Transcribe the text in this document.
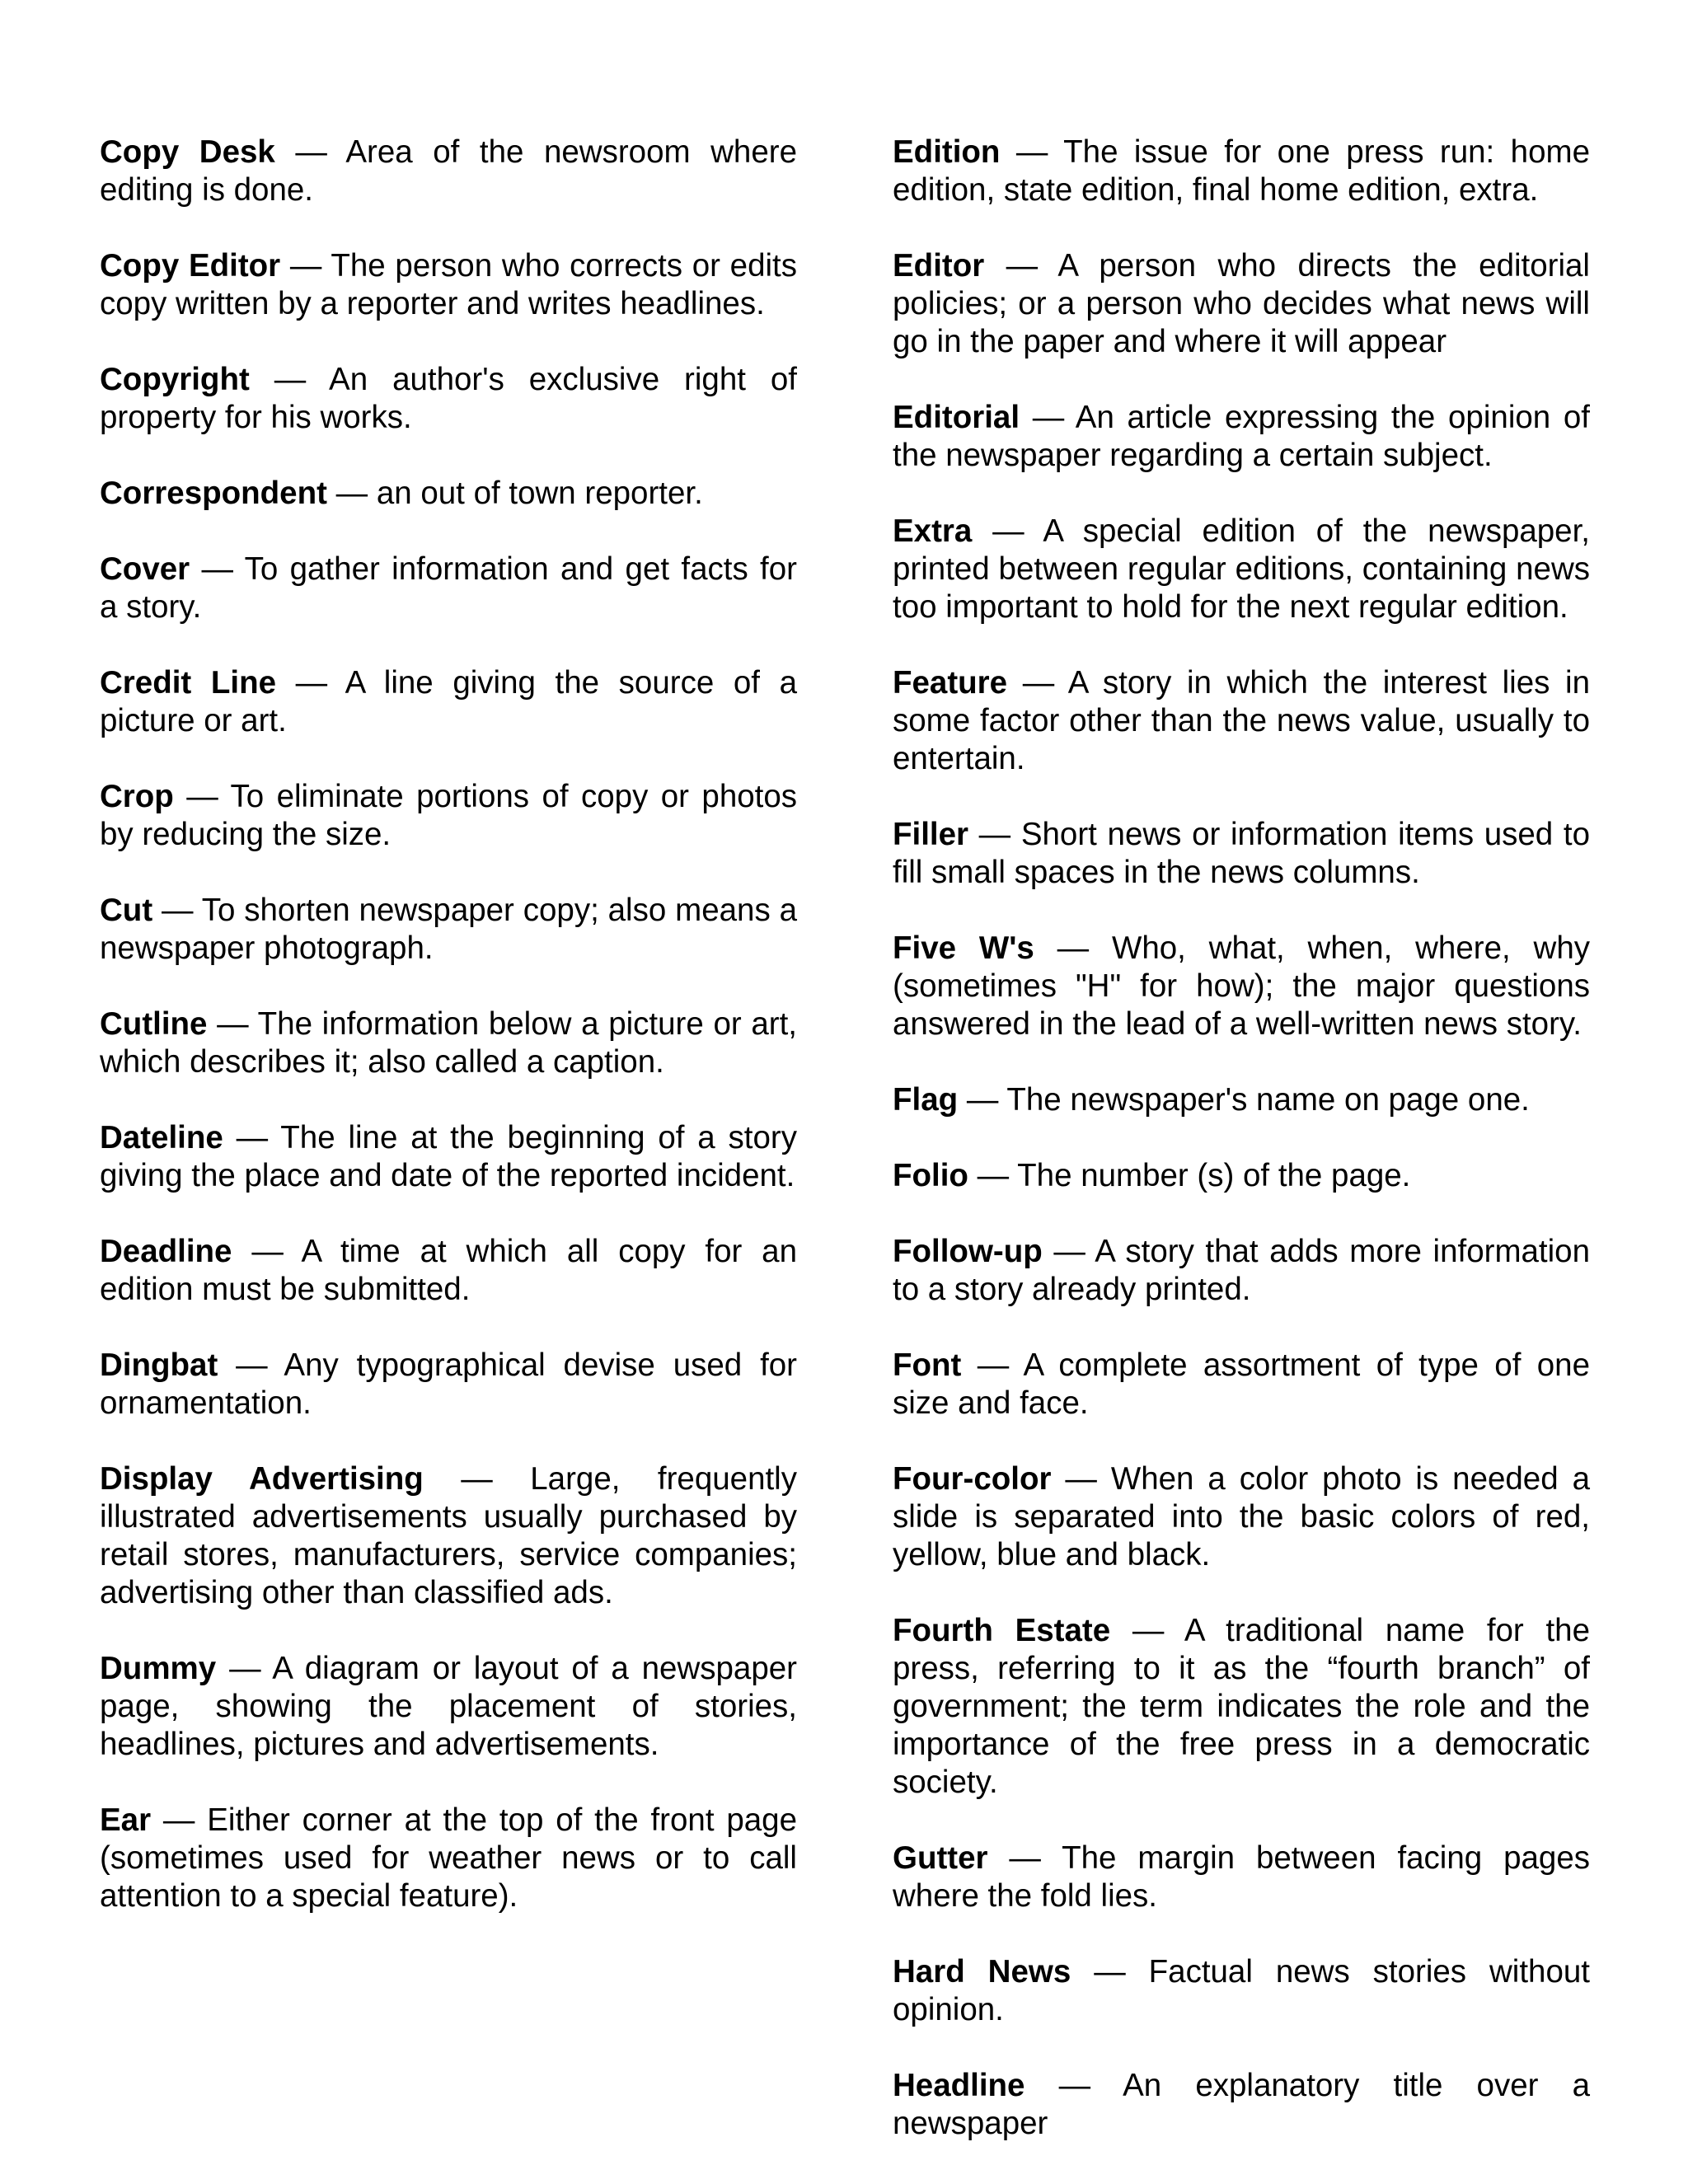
Copy Desk — Area of the newsroom where editing is done.

Copy Editor — The person who corrects or edits copy written by a reporter and writes headlines.

Copyright — An author's exclusive right of property for his works.

Correspondent — an out of town reporter.

Cover — To gather information and get facts for a story.

Credit Line — A line giving the source of a picture or art.

Crop — To eliminate portions of copy or photos by reducing the size.

Cut — To shorten newspaper copy; also means a newspaper photograph.

Cutline — The information below a picture or art, which describes it; also called a caption.

Dateline — The line at the beginning of a story giving the place and date of the reported incident.

Deadline — A time at which all copy for an edition must be submitted.

Dingbat — Any typographical devise used for ornamentation.

Display Advertising — Large, frequently illustrated advertisements usually purchased by retail stores, manufacturers, service companies; advertising other than classified ads.

Dummy — A diagram or layout of a newspaper page, showing the placement of stories, headlines, pictures and advertisements.

Ear — Either corner at the top of the front page (sometimes used for weather news or to call attention to a special feature).

Edition — The issue for one press run: home edition, state edition, final home edition, extra.

Editor — A person who directs the editorial policies; or a person who decides what news will go in the paper and where it will appear

Editorial — An article expressing the opinion of the newspaper regarding a certain subject.

Extra — A special edition of the newspaper, printed between regular editions, containing news too important to hold for the next regular edition.

Feature — A story in which the interest lies in some factor other than the news value, usually to entertain.

Filler — Short news or information items used to fill small spaces in the news columns.

Five W's — Who, what, when, where, why (sometimes "H" for how); the major questions answered in the lead of a well-written news story.

Flag — The newspaper's name on page one.

Folio — The number (s) of the page.

Follow-up — A story that adds more information to a story already printed.

Font — A complete assortment of type of one size and face.

Four-color — When a color photo is needed a slide is separated into the basic colors of red, yellow, blue and black.

Fourth Estate — A traditional name for the press, referring to it as the “fourth branch” of government; the term indicates the role and the importance of the free press in a democratic society.

Gutter — The margin between facing pages where the fold lies.

Hard News — Factual news stories without opinion.

Headline — An explanatory title over a newspaper
